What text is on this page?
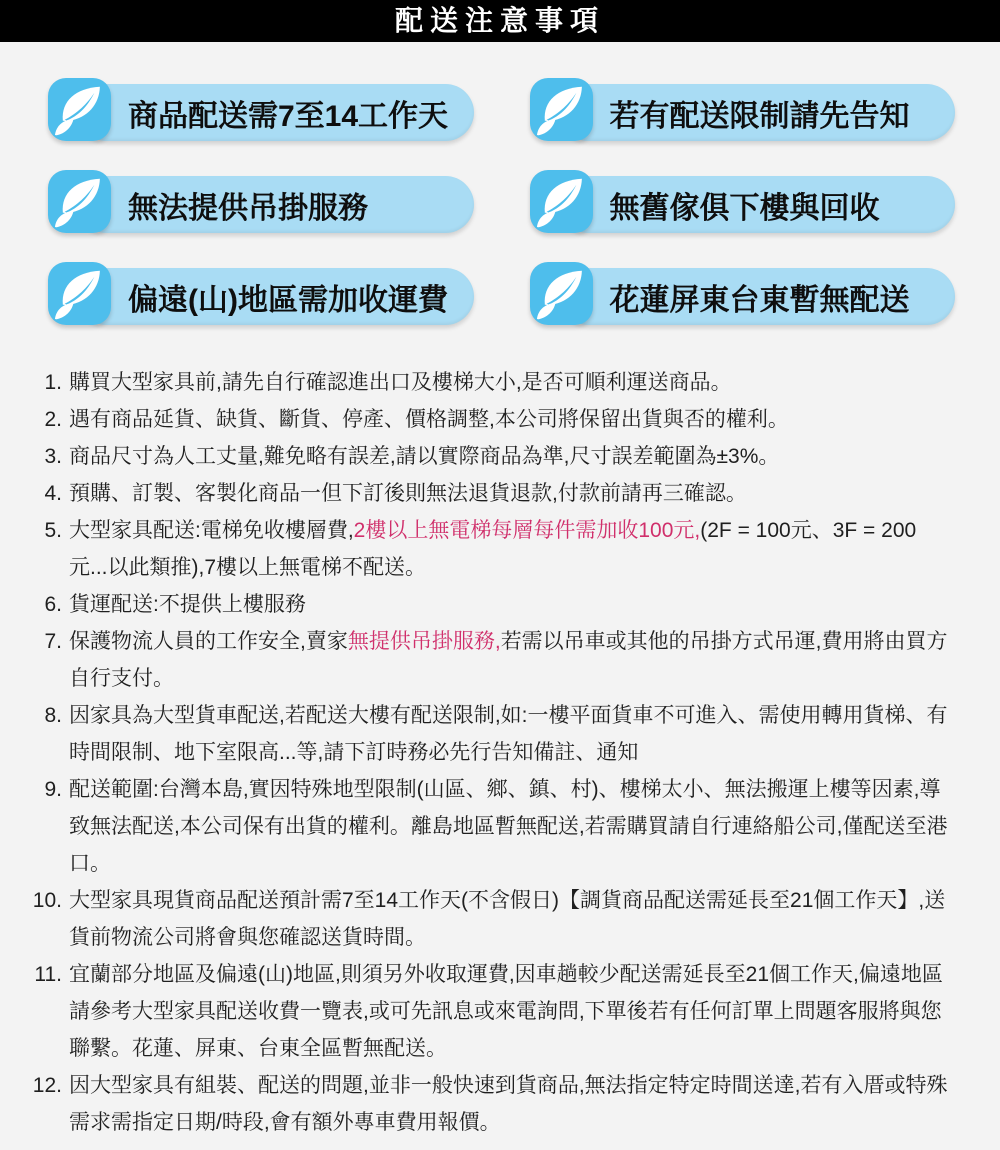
配送注意事項
商品配送需7至14工作天	若有配送限制請先告知
無法提供吊掛服務	無舊傢俱下樓與回收
偏遠(山)地區需加收運費	花蓮屏東台東暫無配送
1. 購買大型家具前,請先自行確認進出口及樓梯大小,是否可順利運送商品。

2. 遇有商品延貨、缺貨、斷貨、停產、價格調整,本公司將保留出貨與否的權利。

3. 商品尺寸為人工丈量,難免略有誤差,請以實際商品為準,尺寸誤差範圍為±3%。

4. 預購、訂製、客製化商品一但下訂後則無法退貨退款,付款前請再三確認。

5. 大型家具配送:電梯免收樓層費,2樓以上無電梯每層每件需加收100元,(2F = 100元、3F = 200元...以此類推),7樓以上無電梯不配送。

6. 貨運配送:不提供上樓服務

7. 保護物流人員的工作安全,賣家無提供吊掛服務,若需以吊車或其他的吊掛方式吊運,費用將由買方自行支付。

8. 因家具為大型貨車配送,若配送大樓有配送限制,如:一樓平面貨車不可進入、需使用轉用貨梯、有時間限制、地下室限高...等,請下訂時務必先行告知備註、通知

9. 配送範圍:台灣本島,實因特殊地型限制(山區、鄉、鎮、村)、樓梯太小、無法搬運上樓等因素,導致無法配送,本公司保有出貨的權利。離島地區暫無配送,若需購買請自行連絡船公司,僅配送至港口。

10. 大型家具現貨商品配送預計需7至14工作天(不含假日)【調貨商品配送需延長至21個工作天】,送貨前物流公司將會與您確認送貨時間。

11. 宜蘭部分地區及偏遠(山)地區,則須另外收取運費,因車趟較少配送需延長至21個工作天,偏遠地區請參考大型家具配送收費一覽表,或可先訊息或來電詢問,下單後若有任何訂單上問題客服將與您聯繫。花蓮、屏東、台東全區暫無配送。

12. 因大型家具有組裝、配送的問題,並非一般快速到貨商品,無法指定特定時間送達,若有入厝或特殊需求需指定日期/時段,會有額外專車費用報價。
